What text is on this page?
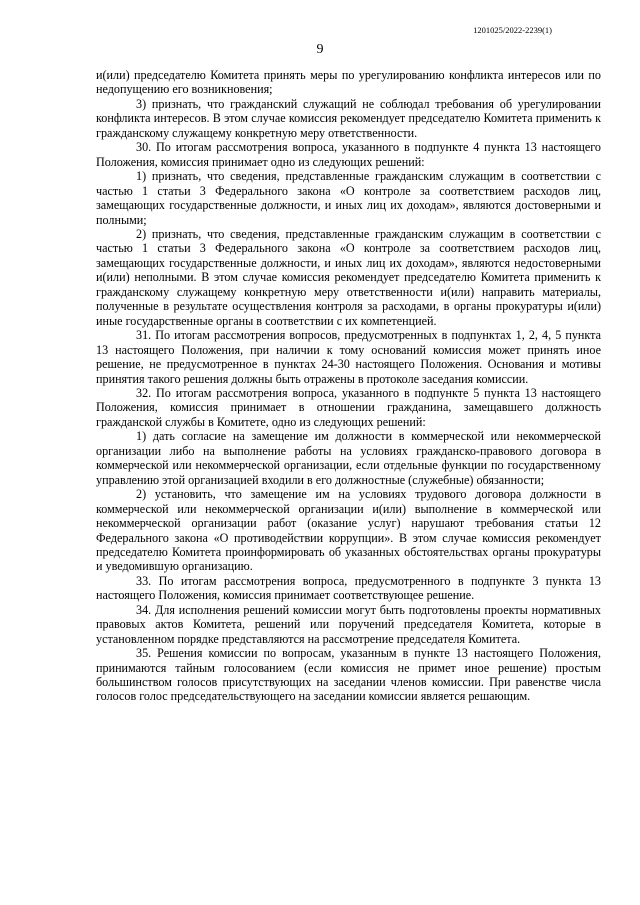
1201025/2022-2239(1)
9

и(или) председателю Комитета принять меры по урегулированию конфликта интересов или по недопущению его возникновения;

3) признать, что гражданский служащий не соблюдал требования об урегулировании конфликта интересов. В этом случае комиссия рекомендует председателю Комитета применить к гражданскому служащему конкретную меру ответственности.

30. По итогам рассмотрения вопроса, указанного в подпункте 4 пункта 13 настоящего Положения, комиссия принимает одно из следующих решений:

1) признать, что сведения, представленные гражданским служащим в соответствии с частью 1 статьи 3 Федерального закона «О контроле за соответствием расходов лиц, замещающих государственные должности, и иных лиц их доходам», являются достоверными и полными;

2) признать, что сведения, представленные гражданским служащим в соответствии с частью 1 статьи 3 Федерального закона «О контроле за соответствием расходов лиц, замещающих государственные должности, и иных лиц их доходам», являются недостоверными и(или) неполными. В этом случае комиссия рекомендует председателю Комитета применить к гражданскому служащему конкретную меру ответственности и(или) направить материалы, полученные в результате осуществления контроля за расходами, в органы прокуратуры и(или) иные государственные органы в соответствии с их компетенцией.

31. По итогам рассмотрения вопросов, предусмотренных в подпунктах 1, 2, 4, 5 пункта 13 настоящего Положения, при наличии к тому оснований комиссия может принять иное решение, не предусмотренное в пунктах 24-30 настоящего Положения. Основания и мотивы принятия такого решения должны быть отражены в протоколе заседания комиссии.

32. По итогам рассмотрения вопроса, указанного в подпункте 5 пункта 13 настоящего Положения, комиссия принимает в отношении гражданина, замещавшего должность гражданской службы в Комитете, одно из следующих решений:

1) дать согласие на замещение им должности в коммерческой или некоммерческой организации либо на выполнение работы на условиях гражданско-правового договора в коммерческой или некоммерческой организации, если отдельные функции по государственному управлению этой организацией входили в его должностные (служебные) обязанности;

2) установить, что замещение им на условиях трудового договора должности в коммерческой или некоммерческой организации и(или) выполнение в коммерческой или некоммерческой организации работ (оказание услуг) нарушают требования статьи 12 Федерального закона «О противодействии коррупции». В этом случае комиссия рекомендует председателю Комитета проинформировать об указанных обстоятельствах органы прокуратуры и уведомившую организацию.

33. По итогам рассмотрения вопроса, предусмотренного в подпункте 3 пункта 13 настоящего Положения, комиссия принимает соответствующее решение.

34. Для исполнения решений комиссии могут быть подготовлены проекты нормативных правовых актов Комитета, решений или поручений председателя Комитета, которые в установленном порядке представляются на рассмотрение председателя Комитета.

35. Решения комиссии по вопросам, указанным в пункте 13 настоящего Положения, принимаются тайным голосованием (если комиссия не примет иное решение) простым большинством голосов присутствующих на заседании членов комиссии. При равенстве числа голосов голос председательствующего на заседании комиссии является решающим.
